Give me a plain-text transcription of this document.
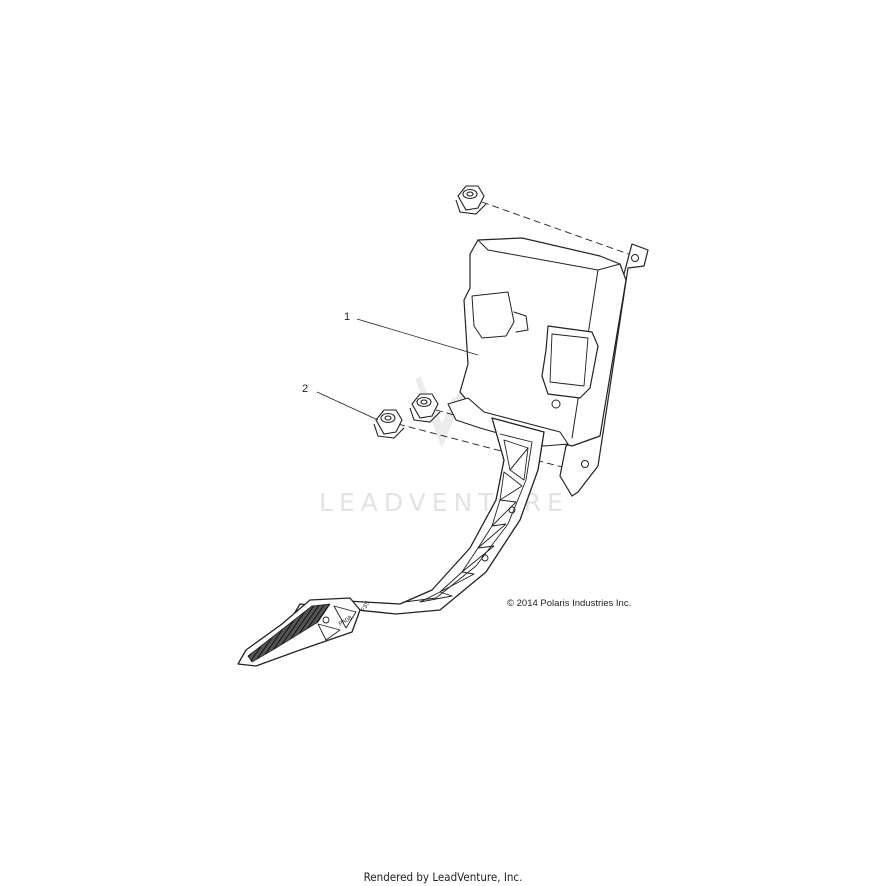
LEADVENTURE
PA08
F3S
1
2
© 2014 Polaris Industries Inc.
Rendered by LeadVenture, Inc.
